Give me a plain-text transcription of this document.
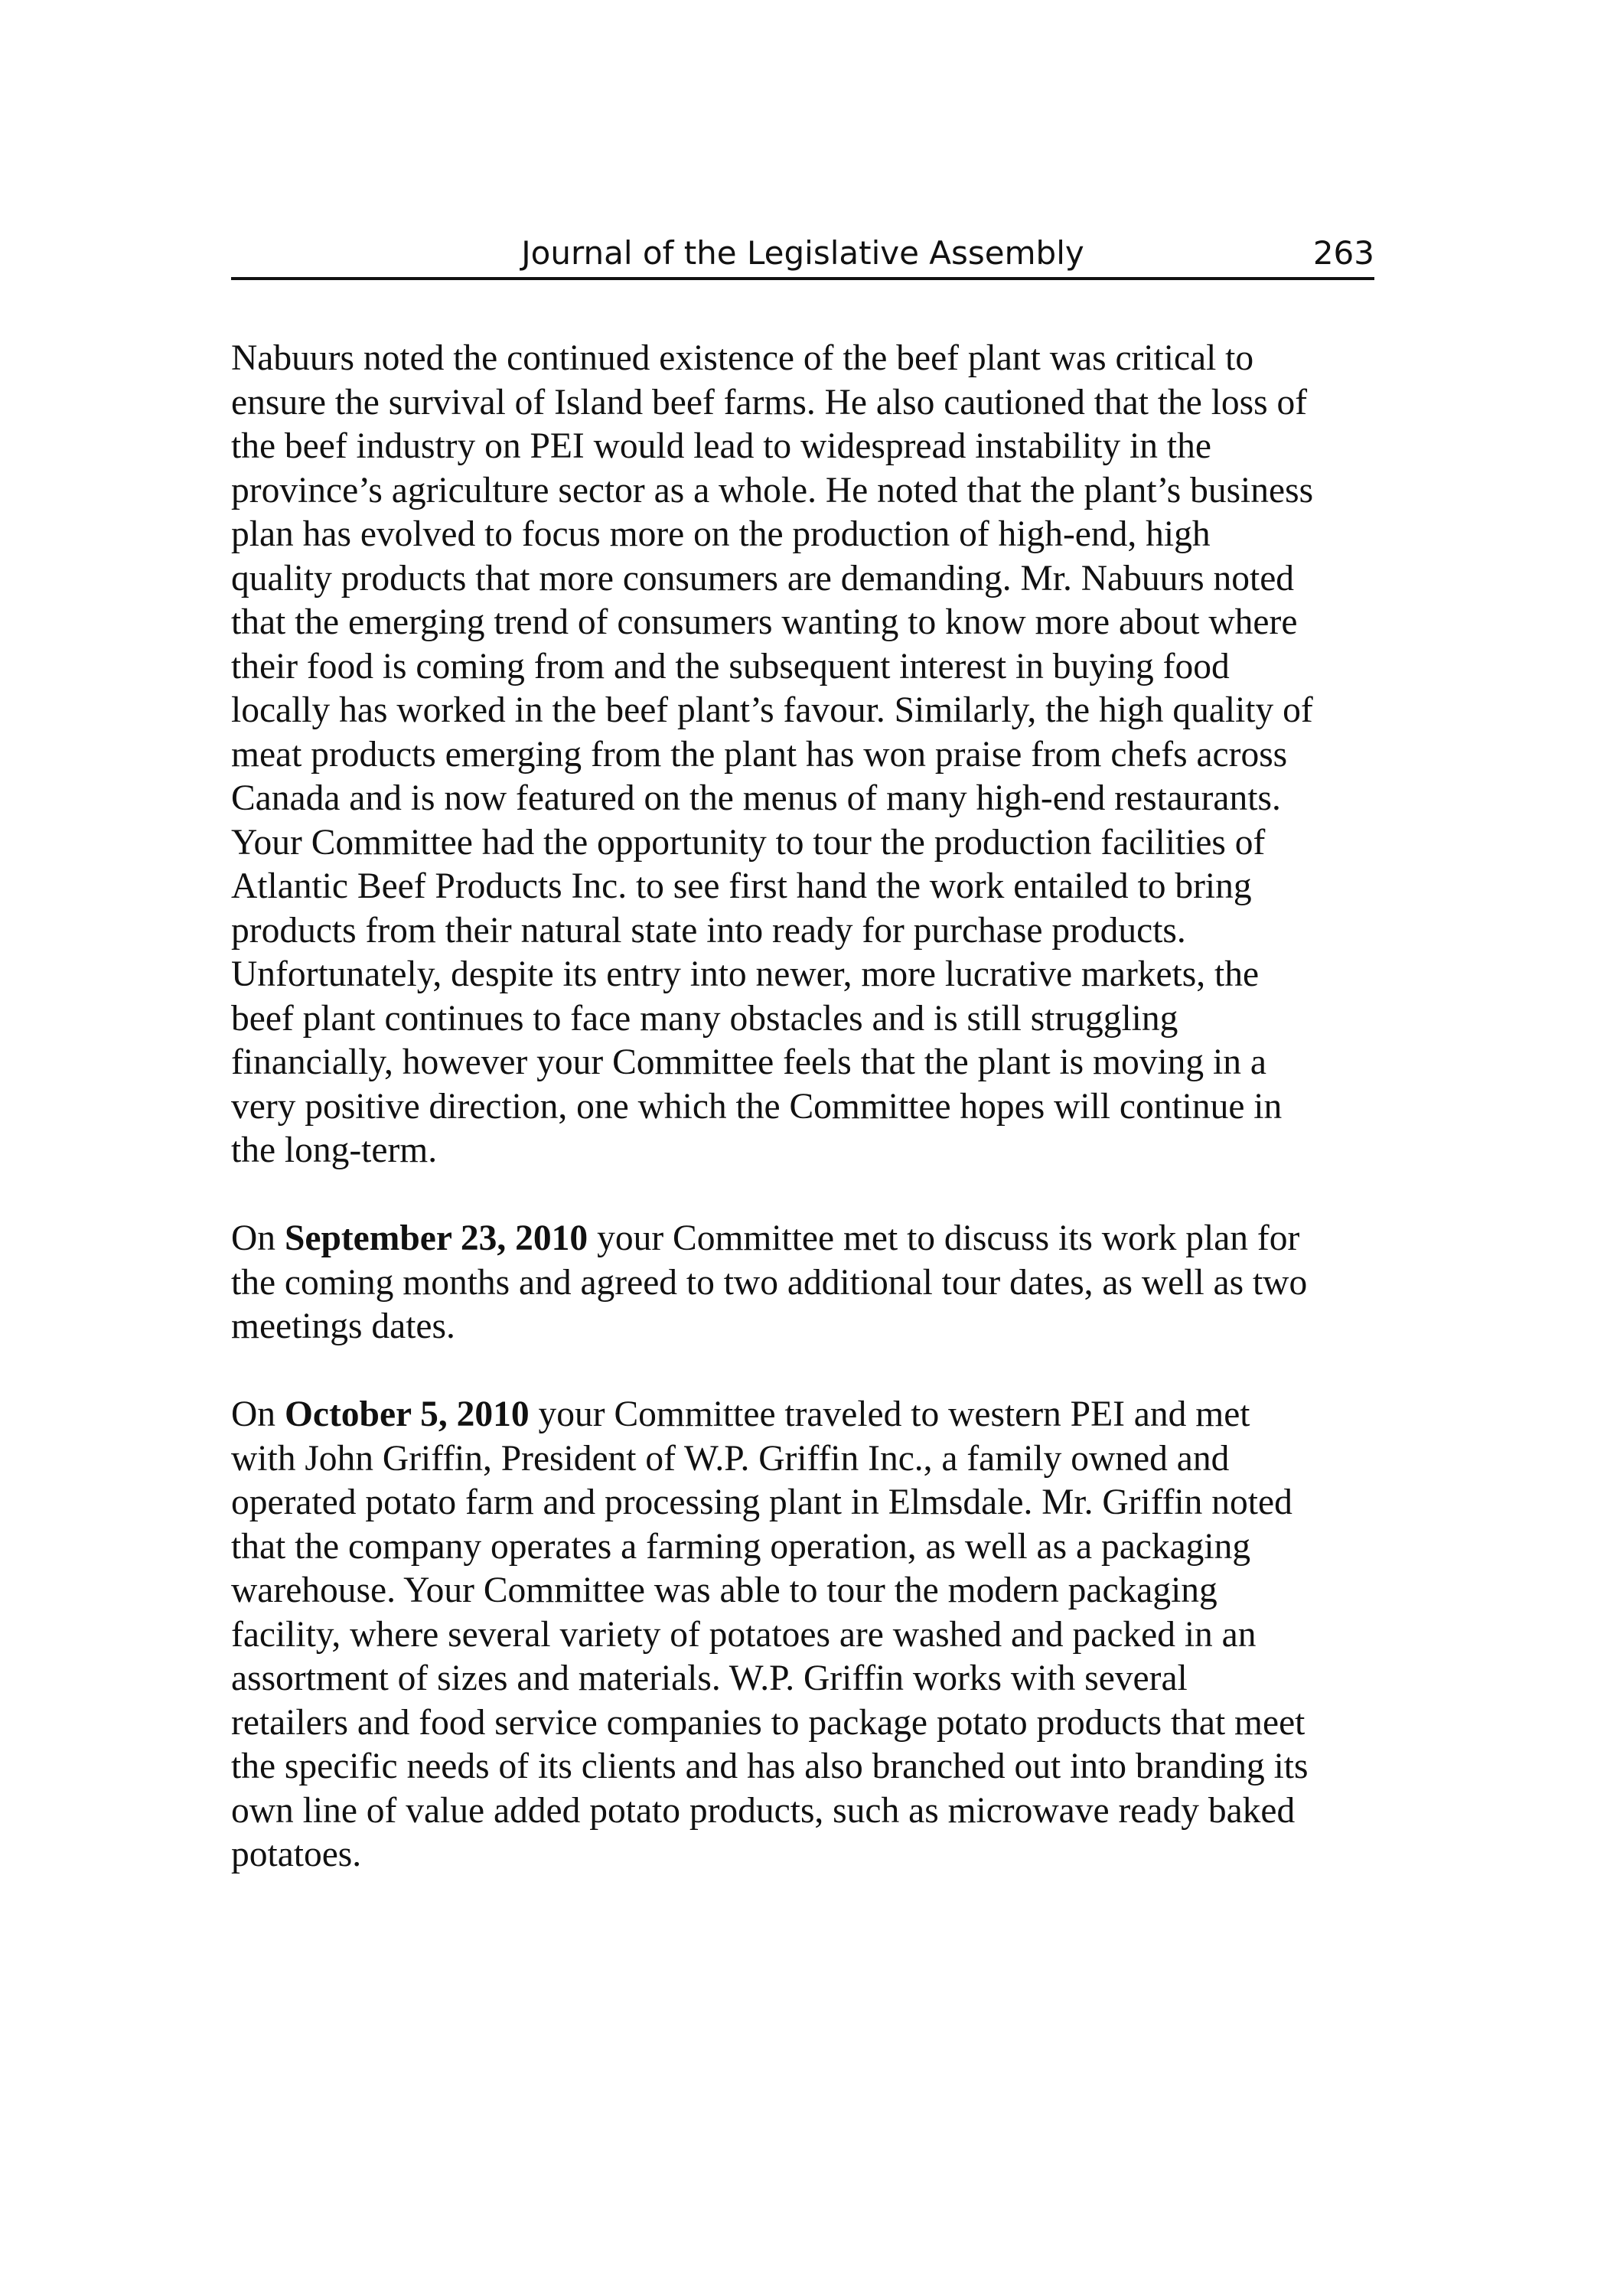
Journal of the Legislative Assembly	263

Nabuurs noted the continued existence of the beef plant was critical to
ensure the survival of Island beef farms. He also cautioned that the loss of
the beef industry on PEI would lead to widespread instability in the
province’s agriculture sector as a whole. He noted that the plant’s business
plan has evolved to focus more on the production of high-end, high
quality products that more consumers are demanding. Mr. Nabuurs noted
that the emerging trend of consumers wanting to know more about where
their food is coming from and the subsequent interest in buying food
locally has worked in the beef plant’s favour. Similarly, the high quality of
meat products emerging from the plant has won praise from chefs across
Canada and is now featured on the menus of many high-end restaurants.
Your Committee had the opportunity to tour the production facilities of
Atlantic Beef Products Inc. to see first hand the work entailed to bring
products from their natural state into ready for purchase products.
Unfortunately, despite its entry into newer, more lucrative markets, the
beef plant continues to face many obstacles and is still struggling
financially, however your Committee feels that the plant is moving in a
very positive direction, one which the Committee hopes will continue in
the long-term.

On September 23, 2010 your Committee met to discuss its work plan for
the coming months and agreed to two additional tour dates, as well as two
meetings dates.

On October 5, 2010 your Committee traveled to western PEI and met
with John Griffin, President of W.P. Griffin Inc., a family owned and
operated potato farm and processing plant in Elmsdale. Mr. Griffin noted
that the company operates a farming operation, as well as a packaging
warehouse. Your Committee was able to tour the modern packaging
facility, where several variety of potatoes are washed and packed in an
assortment of sizes and materials. W.P. Griffin works with several
retailers and food service companies to package potato products that meet
the specific needs of its clients and has also branched out into branding its
own line of value added potato products, such as microwave ready baked
potatoes.
